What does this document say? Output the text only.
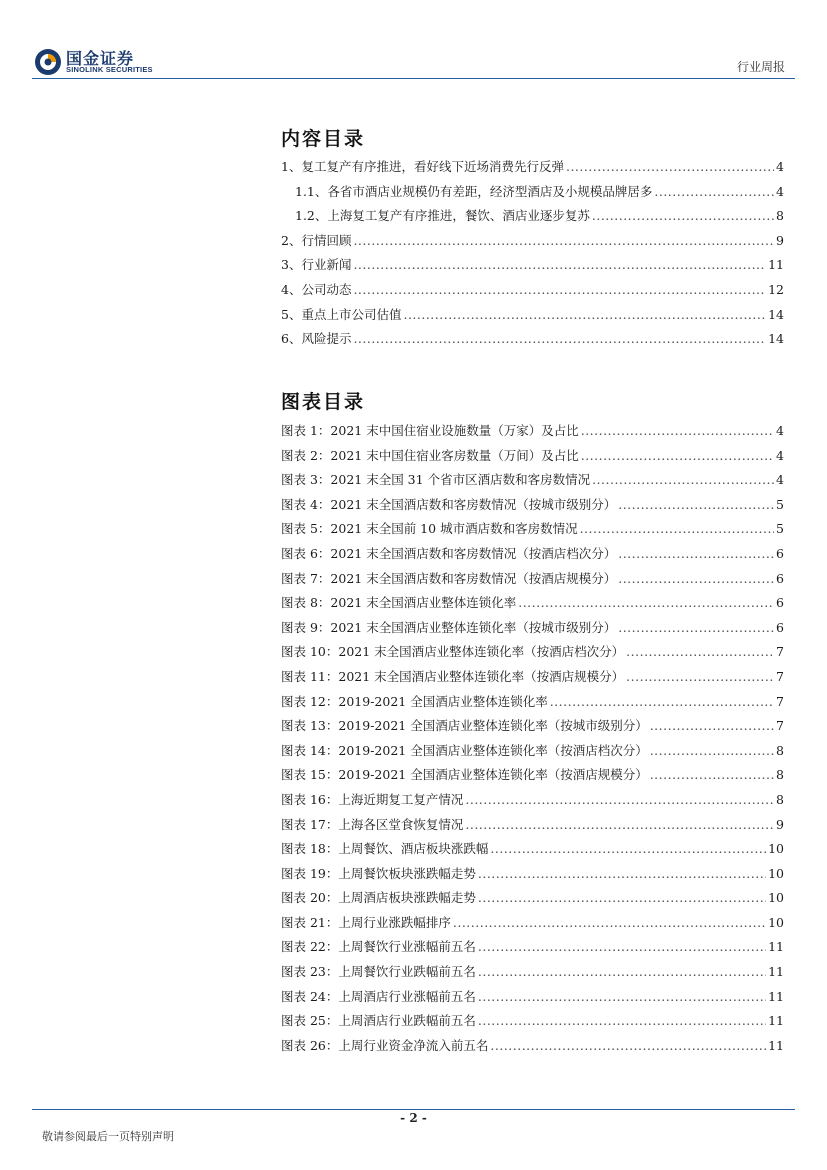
国金证券
SINOLINK SECURITIES	行业周报
内容目录
1、复工复产有序推进，看好线下近场消费先行反弹 .....	4
1.1、各省市酒店业规模仍有差距，经济型酒店及小规模品牌居多 .....	4
1.2、上海复工复产有序推进，餐饮、酒店业逐步复苏 .....	8
2、行情回顾 .....	9
3、行业新闻 .....	11
4、公司动态 .....	12
5、重点上市公司估值 .....	14
6、风险提示 .....	14
图表目录
图表 1：2021 末中国住宿业设施数量（万家）及占比 .....	4
图表 2：2021 末中国住宿业客房数量（万间）及占比 .....	4
图表 3：2021 末全国 31 个省市区酒店数和客房数情况 .....	4
图表 4：2021 末全国酒店数和客房数情况（按城市级别分） .....	5
图表 5：2021 末全国前 10 城市酒店数和客房数情况 .....	5
图表 6：2021 末全国酒店数和客房数情况（按酒店档次分） .....	6
图表 7：2021 末全国酒店数和客房数情况（按酒店规模分） .....	6
图表 8：2021 末全国酒店业整体连锁化率 .....	6
图表 9：2021 末全国酒店业整体连锁化率（按城市级别分） .....	6
图表 10：2021 末全国酒店业整体连锁化率（按酒店档次分） .....	7
图表 11：2021 末全国酒店业整体连锁化率（按酒店规模分） .....	7
图表 12：2019-2021 全国酒店业整体连锁化率 .....	7
图表 13：2019-2021 全国酒店业整体连锁化率（按城市级别分） .....	7
图表 14：2019-2021 全国酒店业整体连锁化率（按酒店档次分） .....	8
图表 15：2019-2021 全国酒店业整体连锁化率（按酒店规模分） .....	8
图表 16：上海近期复工复产情况 .....	8
图表 17：上海各区堂食恢复情况 .....	9
图表 18：上周餐饮、酒店板块涨跌幅 .....	10
图表 19：上周餐饮板块涨跌幅走势 .....	10
图表 20：上周酒店板块涨跌幅走势 .....	10
图表 21：上周行业涨跌幅排序 .....	10
图表 22：上周餐饮行业涨幅前五名 .....	11
图表 23：上周餐饮行业跌幅前五名 .....	11
图表 24：上周酒店行业涨幅前五名 .....	11
图表 25：上周酒店行业跌幅前五名 .....	11
图表 26：上周行业资金净流入前五名 .....	11
- 2 -
敬请参阅最后一页特别声明
